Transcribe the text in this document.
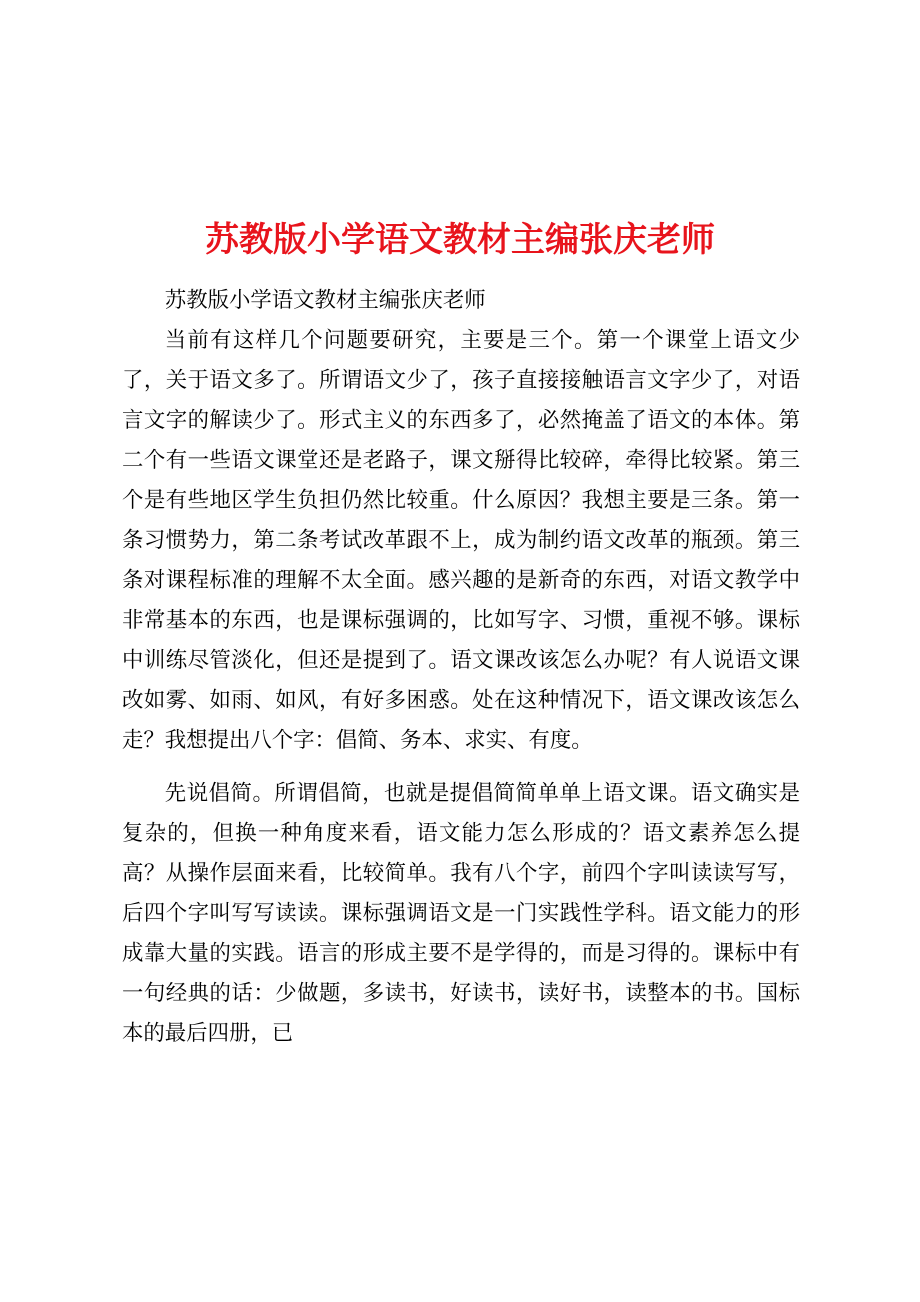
苏教版小学语文教材主编张庆老师

苏教版小学语文教材主编张庆老师

当前有这样几个问题要研究，主要是三个。第一个课堂上语文少了，关于语文多了。所谓语文少了，孩子直接接触语言文字少了，对语言文字的解读少了。形式主义的东西多了，必然掩盖了语文的本体。第二个有一些语文课堂还是老路子，课文掰得比较碎，牵得比较紧。第三个是有些地区学生负担仍然比较重。什么原因？我想主要是三条。第一条习惯势力，第二条考试改革跟不上，成为制约语文改革的瓶颈。第三条对课程标准的理解不太全面。感兴趣的是新奇的东西，对语文教学中非常基本的东西，也是课标强调的，比如写字、习惯，重视不够。课标中训练尽管淡化，但还是提到了。语文课改该怎么办呢？有人说语文课改如雾、如雨、如风，有好多困惑。处在这种情况下，语文课改该怎么走？我想提出八个字：倡简、务本、求实、有度。

先说倡简。所谓倡简，也就是提倡简简单单上语文课。语文确实是复杂的，但换一种角度来看，语文能力怎么形成的？语文素养怎么提高？从操作层面来看，比较简单。我有八个字，前四个字叫读读写写，后四个字叫写写读读。课标强调语文是一门实践性学科。语文能力的形成靠大量的实践。语言的形成主要不是学得的，而是习得的。课标中有一句经典的话：少做题，多读书，好读书，读好书，读整本的书。国标本的最后四册，已
